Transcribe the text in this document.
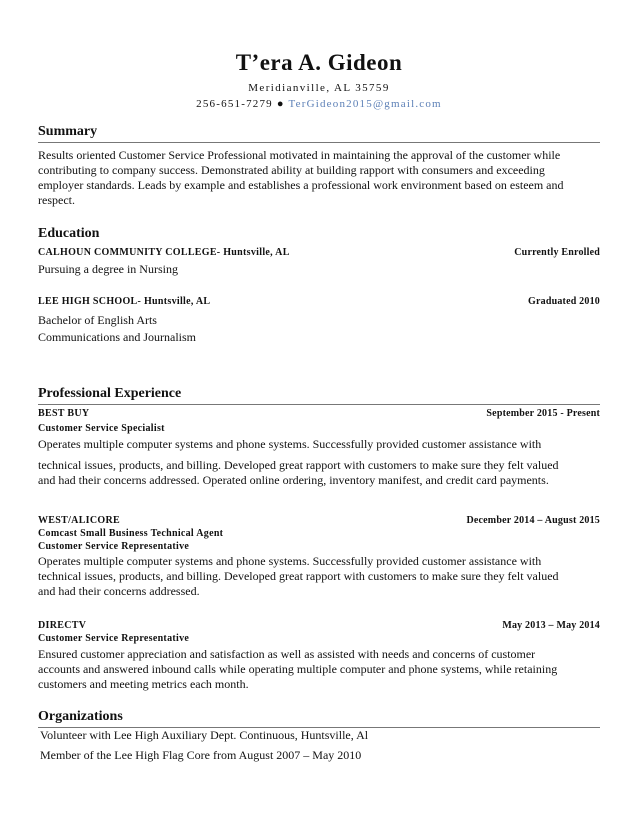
T’era A. Gideon
Meridianville, AL 35759
256-651-7279 ● TerGideon2015@gmail.com
Summary
Results oriented Customer Service Professional motivated in maintaining the approval of the customer while
contributing to company success. Demonstrated ability at building rapport with consumers and exceeding
employer standards. Leads by example and establishes a professional work environment based on esteem and
respect.
Education
CALHOUN COMMUNITY COLLEGE- Huntsville, AL	Currently Enrolled
Pursuing a degree in Nursing
LEE HIGH SCHOOL- Huntsville, AL	Graduated 2010
Bachelor of English Arts
Communications and Journalism
Professional Experience
BEST BUY	September 2015 - Present
Customer Service Specialist
Operates multiple computer systems and phone systems. Successfully provided customer assistance with
technical issues, products, and billing. Developed great rapport with customers to make sure they felt valued
and had their concerns addressed. Operated online ordering, inventory manifest, and credit card payments.
WEST/ALICORE	December 2014 – August 2015
Comcast Small Business Technical Agent
Customer Service Representative
Operates multiple computer systems and phone systems. Successfully provided customer assistance with
technical issues, products, and billing. Developed great rapport with customers to make sure they felt valued
and had their concerns addressed.
DIRECTV	May 2013 – May 2014
Customer Service Representative
Ensured customer appreciation and satisfaction as well as assisted with needs and concerns of customer
accounts and answered inbound calls while operating multiple computer and phone systems, while retaining
customers and meeting metrics each month.
Organizations
Volunteer with Lee High Auxiliary Dept. Continuous, Huntsville, Al
Member of the Lee High Flag Core from August 2007 – May 2010
